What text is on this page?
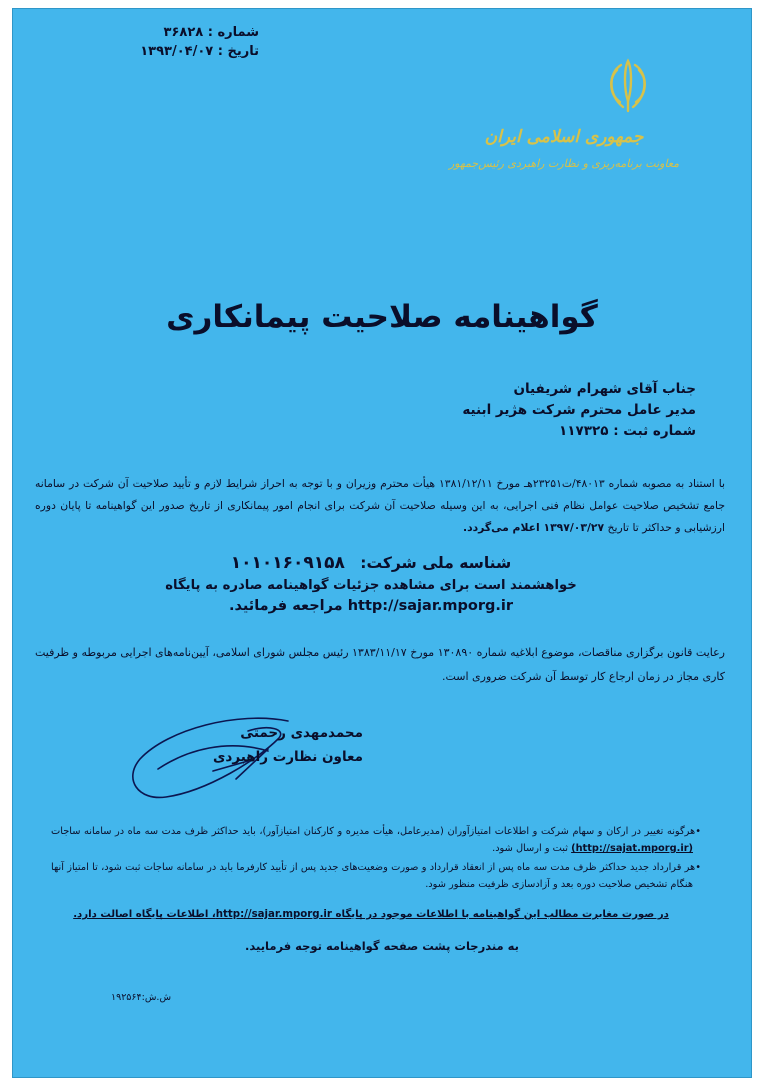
شماره : ۳۶۸۲۸
تاریخ : ۱۳۹۳/۰۴/۰۷
جمهوری اسلامی ایران
معاونت برنامه‌ریزی و نظارت راهبردی رئیس‌جمهور
گواهینامه صلاحیت پیمانکاری
جناب آقای شهرام شریفیان
مدیر عامل محترم شرکت هژیر ابنیه
شماره ثبت : ۱۱۷۳۲۵
با استناد به مصوبه شماره ۴۸۰۱۳/ت۲۳۲۵۱هـ مورخ ۱۳۸۱/۱۲/۱۱ هیأت محترم وزیران و با توجه به احراز شرایط لازم و تأیید صلاحیت آن شرکت در سامانه جامع تشخیص صلاحیت عوامل نظام فنی اجرایی، به این وسیله صلاحیت آن شرکت برای انجام امور پیمانکاری از تاریخ صدور این گواهینامه تا پایان دوره ارزشیابی و حداکثر تا تاریخ ۱۳۹۷/۰۳/۲۷ اعلام می‌گردد.
شناسه ملی شرکت: ۱۰۱۰۱۶۰۹۱۵۸
خواهشمند است برای مشاهده جزئیات گواهینامه صادره به پایگاه
http://sajar.mporg.ir مراجعه فرمائید.
رعایت قانون برگزاری مناقصات، موضوع ابلاغیه شماره ۱۳۰۸۹۰ مورخ ۱۳۸۳/۱۱/۱۷ رئیس مجلس شورای اسلامی، آیین‌نامه‌های اجرایی مربوطه و ظرفیت کاری مجاز در زمان ارجاع کار توسط آن شرکت ضروری است.
محمدمهدی رحمتی
معاون نظارت راهبردی

•هرگونه تغییر در ارکان و سهام شرکت و اطلاعات امتیازآوران (مدیرعامل، هیأت مدیره و کارکنان امتیازآور)، باید حداکثر ظرف مدت سه ماه در سامانه ساجات (http://sajat.mporg.ir) ثبت و ارسال شود.

•هر قرارداد جدید حداکثر ظرف مدت سه ماه پس از انعقاد قرارداد و صورت وضعیت‌های جدید پس از تأیید کارفرما باید در سامانه ساجات ثبت شود، تا امتیاز آنها هنگام تشخیص صلاحیت دوره بعد و آزادسازی ظرفیت منظور شود.

در صورت مغایرت مطالب این گواهینامه با اطلاعات موجود در پایگاه http://sajar.mporg.ir، اطلاعات پایگاه اصالت دارد.
به مندرجات پشت صفحه گواهینامه توجه فرمایید.
ش.ش:۱۹۲۵۶۴
